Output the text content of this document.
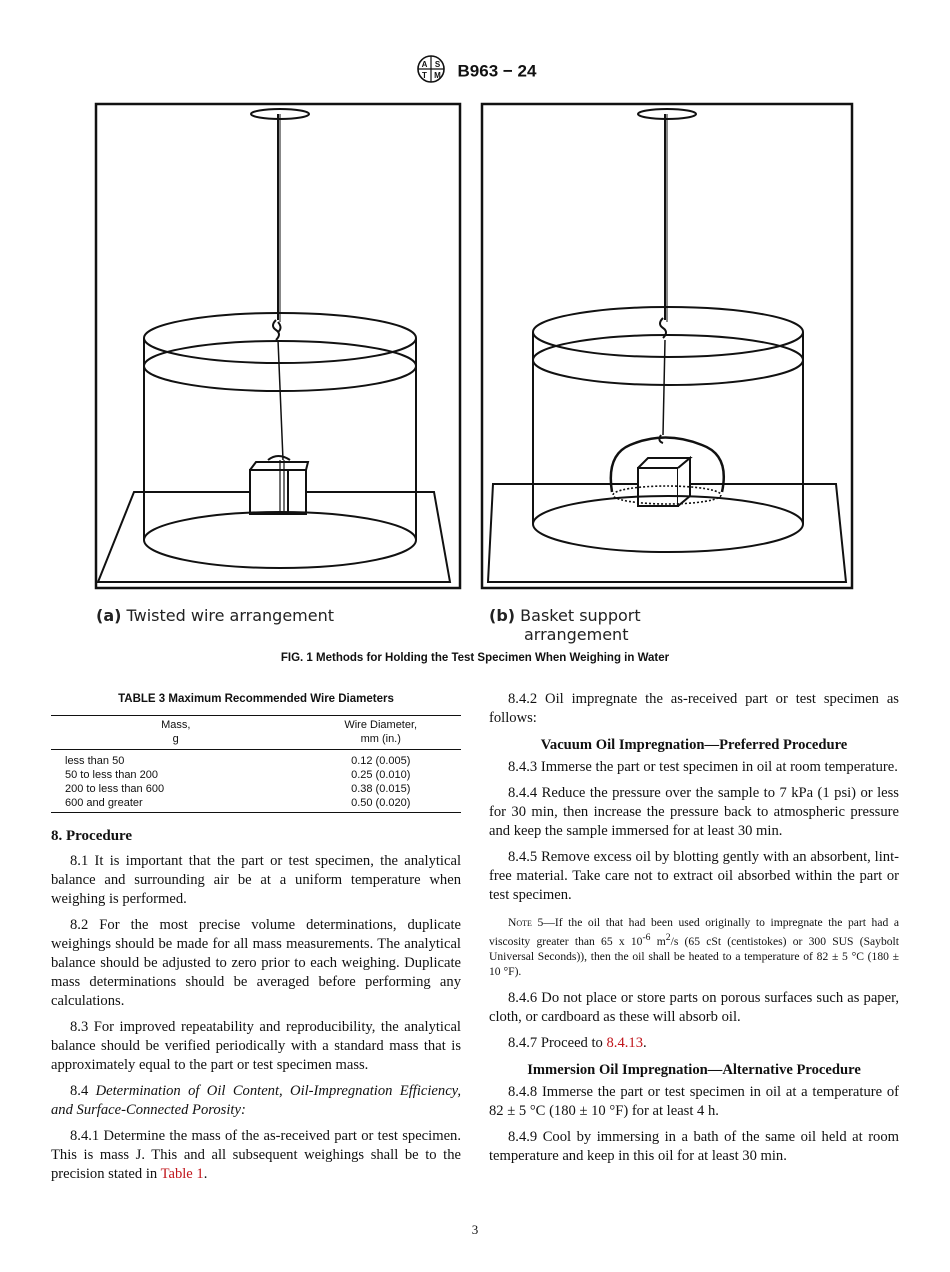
A S
T M B963 − 24
(a) Twisted wire arrangement	(b) Basket support
arrangement
FIG. 1 Methods for Holding the Test Specimen When Weighing in Water
TABLE 3 Maximum Recommended Wire Diameters
Mass,
g	Wire Diameter,
mm (in.)
less than 50	0.12 (0.005)
50 to less than 200	0.25 (0.010)
200 to less than 600	0.38 (0.015)
600 and greater	0.50 (0.020)
8. Procedure

8.1 It is important that the part or test specimen, the analytical balance and surrounding air be at a uniform temperature when weighing is performed.

8.2 For the most precise volume determinations, duplicate weighings should be made for all mass measurements. The analytical balance should be adjusted to zero prior to each weighing. Duplicate mass determinations should be averaged before performing any calculations.

8.3 For improved repeatability and reproducibility, the analytical balance should be verified periodically with a standard mass that is approximately equal to the part or test specimen mass.

8.4 Determination of Oil Content, Oil-Impregnation Efficiency, and Surface-Connected Porosity:

8.4.1 Determine the mass of the as-received part or test specimen. This is mass J. This and all subsequent weighings shall be to the precision stated in Table 1.

8.4.2 Oil impregnate the as-received part or test specimen as follows:

Vacuum Oil Impregnation—Preferred Procedure

8.4.3 Immerse the part or test specimen in oil at room temperature.

8.4.4 Reduce the pressure over the sample to 7 kPa (1 psi) or less for 30 min, then increase the pressure back to atmospheric pressure and keep the sample immersed for at least 30 min.

8.4.5 Remove excess oil by blotting gently with an absorbent, lint-free material. Take care not to extract oil absorbed within the part or test specimen.

Note 5—If the oil that had been used originally to impregnate the part had a viscosity greater than 65 x $10^{-6}$ $m^2/s$ (65 cSt (centistokes) or 300 SUS (Saybolt Universal Seconds)), then the oil shall be heated to a temperature of 82 ± 5 °C (180 ± 10 °F).

8.4.6 Do not place or store parts on porous surfaces such as paper, cloth, or cardboard as these will absorb oil.

8.4.7 Proceed to 8.4.13.

Immersion Oil Impregnation—Alternative Procedure

8.4.8 Immerse the part or test specimen in oil at a temperature of 82 ± 5 °C (180 ± 10 °F) for at least 4 h.

8.4.9 Cool by immersing in a bath of the same oil held at room temperature and keep in this oil for at least 30 min.

3
